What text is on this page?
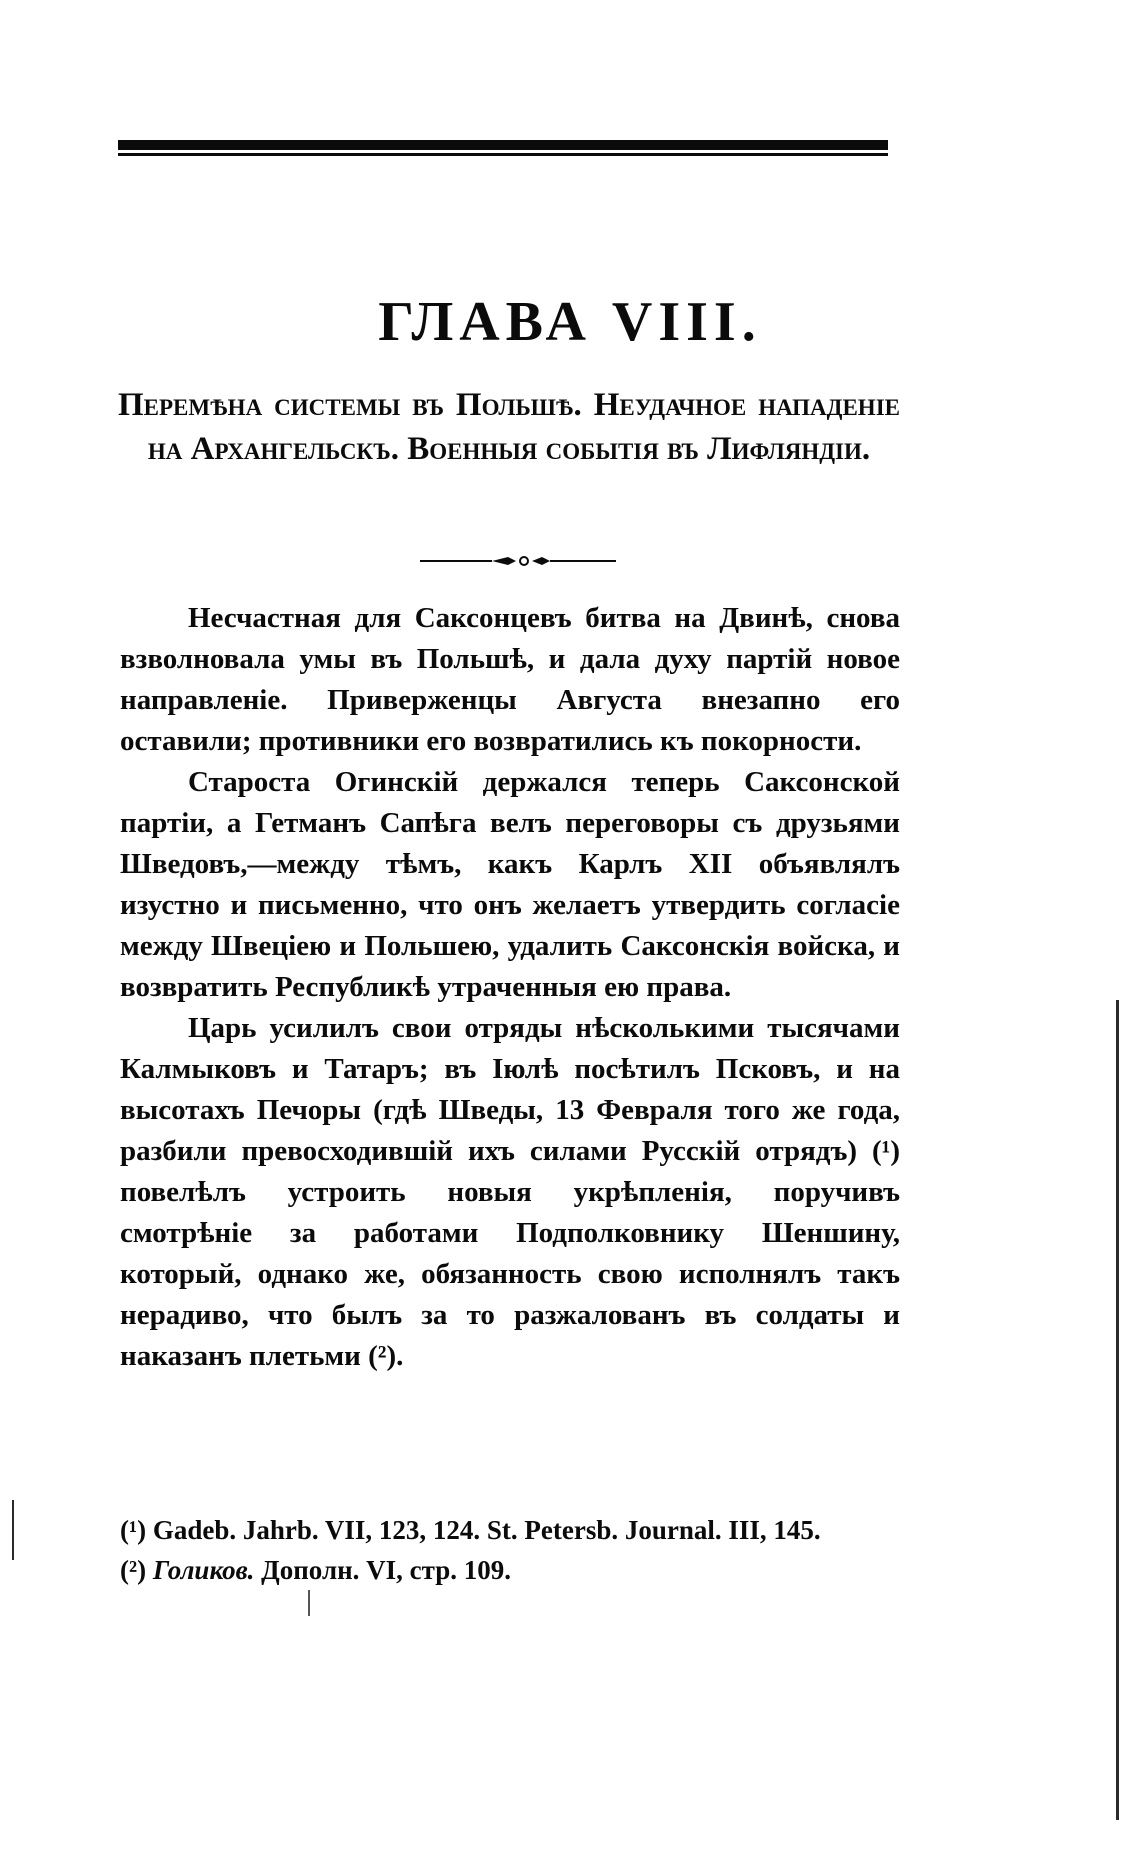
ГЛАВА VIII.
Перемѣна системы въ Польшѣ. Неудачное нападеніе на Архангельскъ. Военныя событія въ Лифляндіи.

Несчастная для Саксонцевъ битва на Двинѣ, снова взволновала умы въ Польшѣ, и дала духу партій новое направленіе. Приверженцы Августа внезапно его оставили; противники его возвратились къ покорности.

Староста Огинскій держался теперь Саксонской партіи, а Гетманъ Сапѣга велъ переговоры съ друзьями Шведовъ,—между тѣмъ, какъ Карлъ XII объявлялъ изустно и письменно, что онъ желаетъ утвердить согласіе между Швецiею и Польшею, удалить Саксонскія войска, и возвратить Республикѣ утраченныя ею права.

Царь усилилъ свои отряды нѣсколькими тысячами Калмыковъ и Татаръ; въ Іюлѣ посѣтилъ Псковъ, и на высотахъ Печоры (гдѣ Шведы, 13 Февраля того же года, разбили превосходившій ихъ силами Русскій отрядъ) (¹) повелѣлъ устроить новыя укрѣпленія, поручивъ смотрѣніе за работами Подполковнику Шеншину, который, однако же, обязанность свою исполнялъ такъ нерадиво, что былъ за то разжалованъ въ солдаты и наказанъ плетьми (²).

(¹) Gadeb. Jahrb. VII, 123, 124. St. Petersb. Journal. III, 145.
(²) Голиков. Дополн. VI, стр. 109.
